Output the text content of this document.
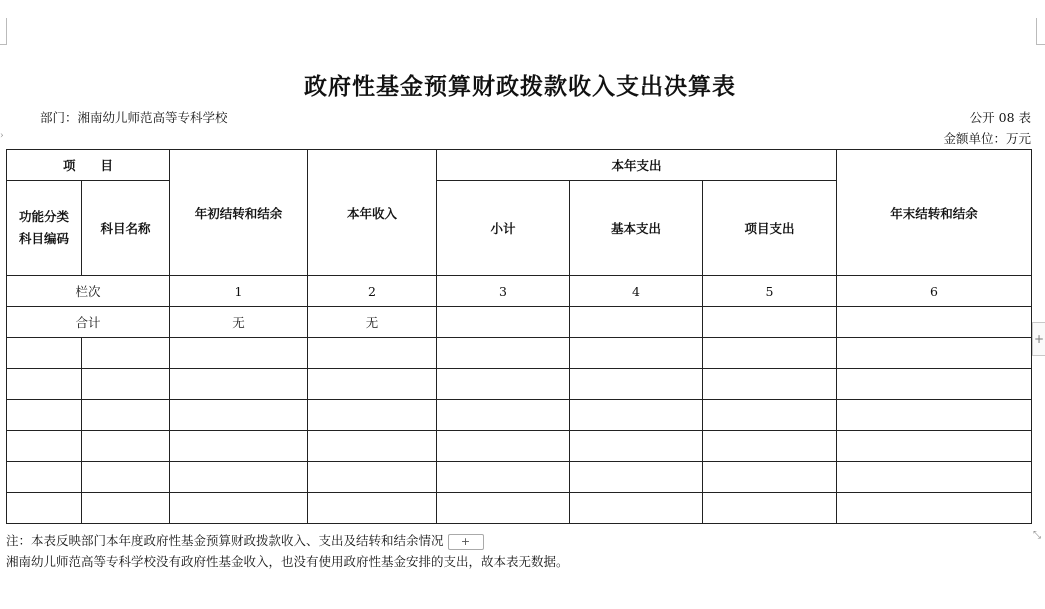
›
+
⤡
政府性基金预算财政拨款收入支出决算表
部门：湘南幼儿师范高等专科学校	公开 08 表
金额单位：万元
项　　目		年初结转和结余	本年收入	本年支出			年末结转和结余
功能分类科目编码	科目名称			小计	基本支出	项目支出	
栏次		1	2	3	4	5	6
合计		无	无				

注：本表反映部门本年度政府性基金预算财政拨款收入、支出及结转和结余情况 +
湘南幼儿师范高等专科学校没有政府性基金收入，也没有使用政府性基金安排的支出，故本表无数据。
